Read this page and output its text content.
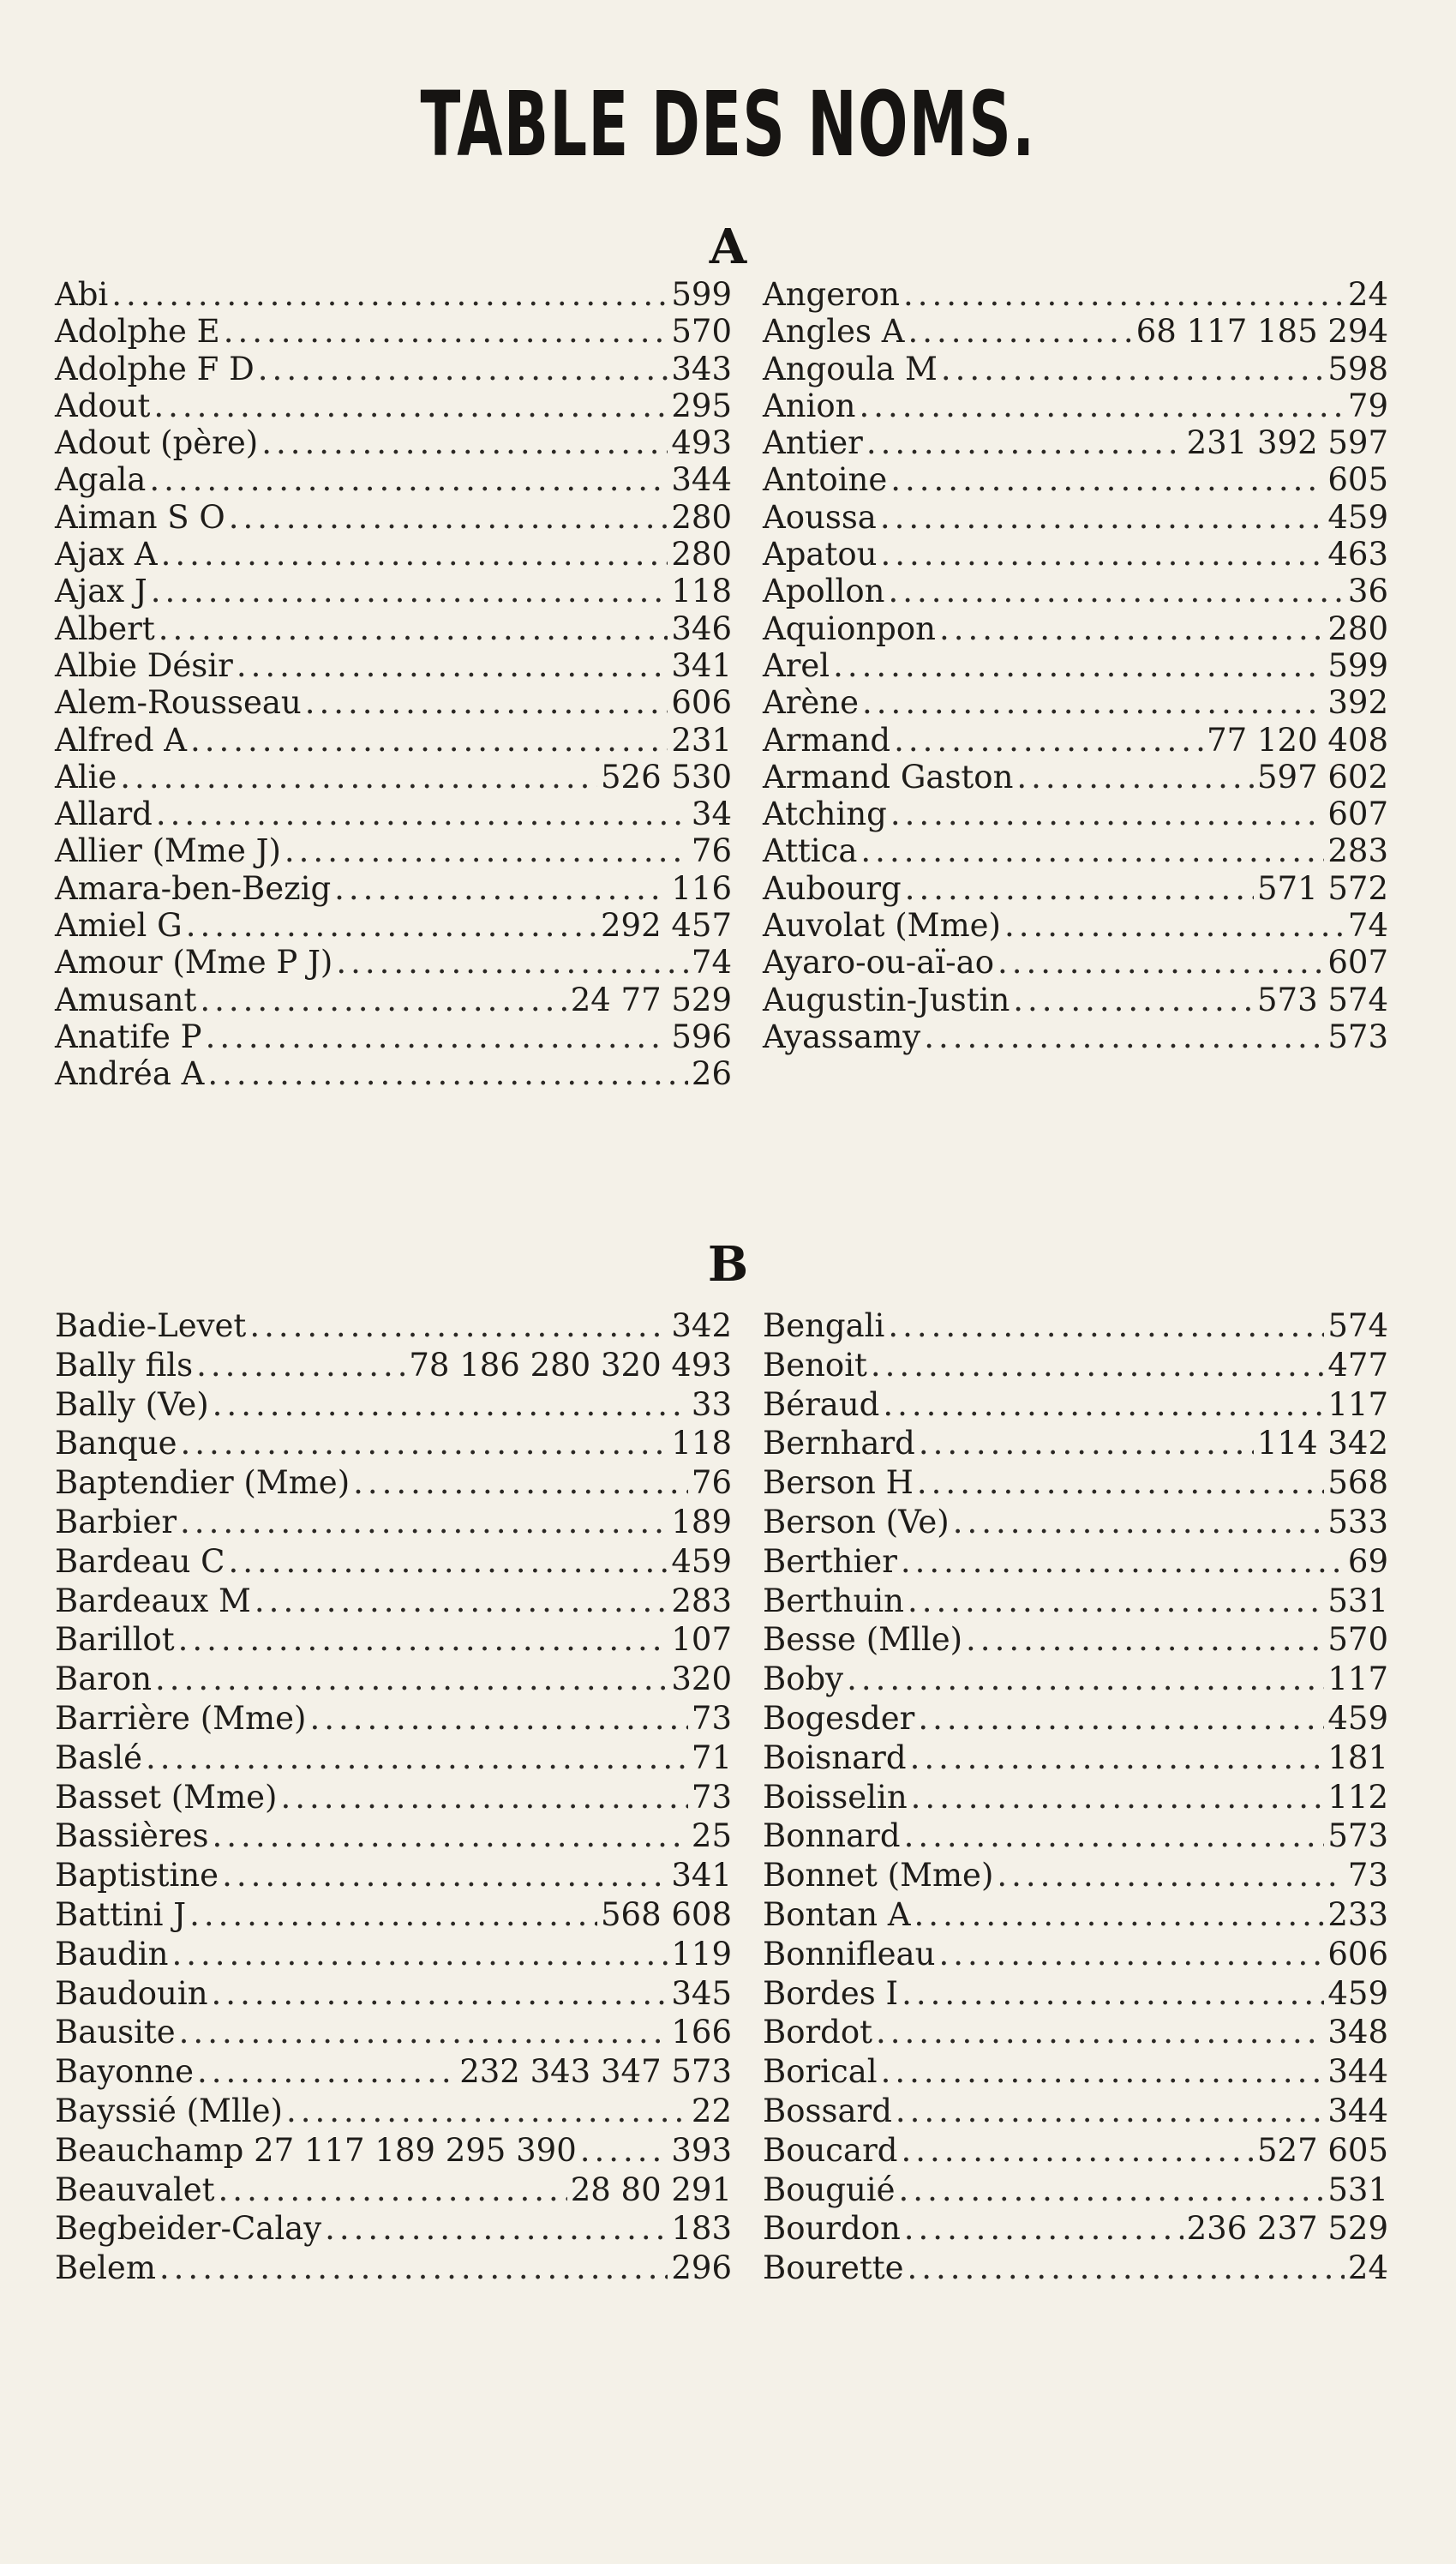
TABLE DES NOMS.
A
Abi .....	599
Adolphe E .....	570
Adolphe F D .....	343
Adout .....	295
Adout (père) .....	493
Agala .....	344
Aiman S O .....	280
Ajax A .....	280
Ajax J .....	118
Albert .....	346
Albie Désir .....	341
Alem-Rousseau .....	606
Alfred A .....	231
Alie .....	526 530
Allard .....	34
Allier (Mme J) .....	76
Amara-ben-Bezig .....	116
Amiel G .....	292 457
Amour (Mme P J) .....	74
Amusant .....	24 77 529
Anatife P .....	596
Andréa A .....	26
Angeron .....	24
Angles A .....	68 117 185 294
Angoula M .....	598
Anion .....	79
Antier .....	231 392 597
Antoine .....	605
Aoussa .....	459
Apatou .....	463
Apollon .....	36
Aquionpon .....	280
Arel .....	599
Arène .....	392
Armand .....	77 120 408
Armand Gaston .....	597 602
Atching .....	607
Attica .....	283
Aubourg .....	571 572
Auvolat (Mme) .....	74
Ayaro-ou-aï-ao .....	607
Augustin-Justin .....	573 574
Ayassamy .....	573
B
Badie-Levet .....	342
Bally fils .....	78 186 280 320 493
Bally (Ve) .....	33
Banque .....	118
Baptendier (Mme) .....	76
Barbier .....	189
Bardeau C .....	459
Bardeaux M .....	283
Barillot .....	107
Baron .....	320
Barrière (Mme) .....	73
Baslé .....	71
Basset (Mme) .....	73
Bassières .....	25
Baptistine .....	341
Battini J .....	568 608
Baudin .....	119
Baudouin .....	345
Bausite .....	166
Bayonne .....	232 343 347 573
Bayssié (Mlle) .....	22
Beauchamp 27 117 189 295 390 .....	393
Beauvalet .....	28 80 291
Begbeider-Calay .....	183
Belem .....	296
Bengali .....	574
Benoit .....	477
Béraud .....	117
Bernhard .....	114 342
Berson H .....	568
Berson (Ve) .....	533
Berthier .....	69
Berthuin .....	531
Besse (Mlle) .....	570
Boby .....	117
Bogesder .....	459
Boisnard .....	181
Boisselin .....	112
Bonnard .....	573
Bonnet (Mme) .....	73
Bontan A .....	233
Bonnifleau .....	606
Bordes I .....	459
Bordot .....	348
Borical .....	344
Bossard .....	344
Boucard .....	527 605
Bouguié .....	531
Bourdon .....	236 237 529
Bourette .....	24
